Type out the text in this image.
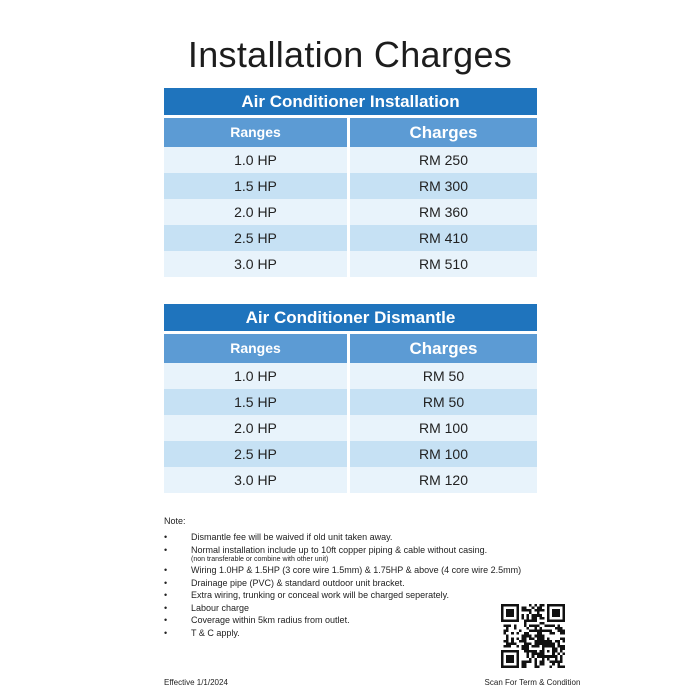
Installation Charges
Air Conditioner Installation
Ranges	Charges
1.0 HP	RM 250
1.5 HP	RM 300
2.0 HP	RM 360
2.5 HP	RM 410
3.0 HP	RM 510
Air Conditioner Dismantle
Ranges	Charges
1.0 HP	RM 50
1.5 HP	RM 50
2.0 HP	RM 100
2.5 HP	RM 100
3.0 HP	RM 120
Note:
•	Dismantle fee will be waived if old unit taken away.
•	Normal installation include up to 10ft copper piping & cable without casing.
(non transferable or combine with other unit)
•	Wiring 1.0HP & 1.5HP (3 core wire 1.5mm) & 1.75HP & above (4 core wire 2.5mm)
•	Drainage pipe (PVC) & standard outdoor unit bracket.
•	Extra wiring, trunking or conceal work will be charged seperately.
•	Labour charge
•	Coverage within 5km radius from outlet.
•	T & C apply.
Effective 1/1/2024	Scan For Term & Condition
